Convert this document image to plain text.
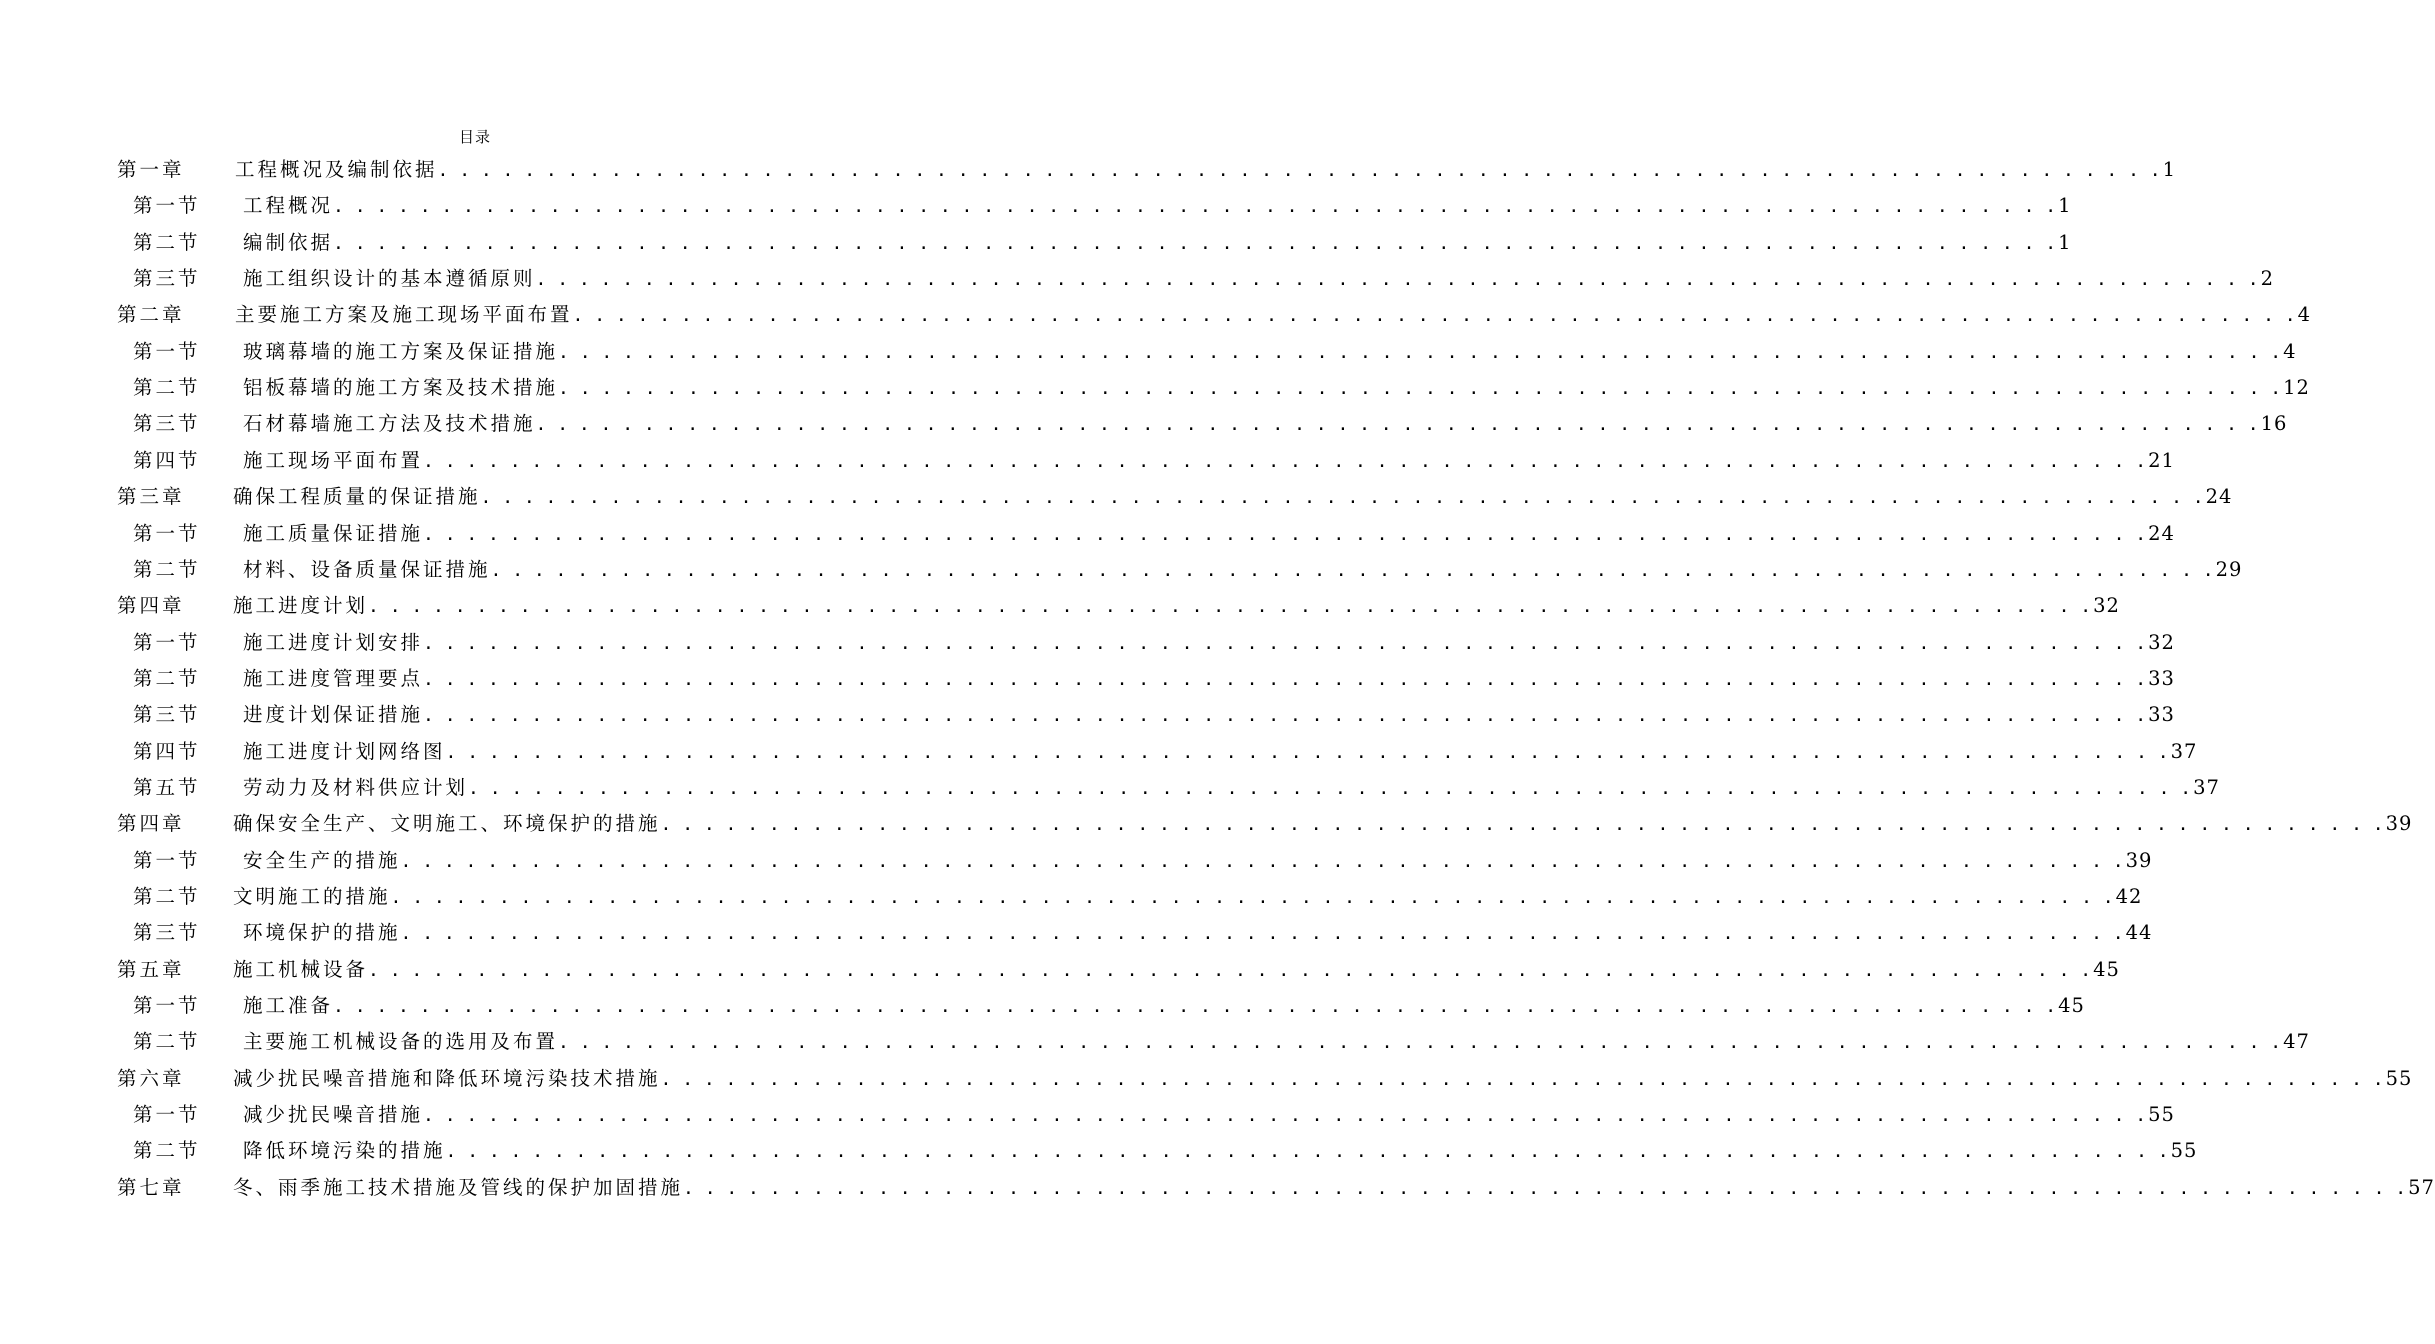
目录
第一章	工程概况及编制依据 . . . . . . . . . . . . . . . . . . . . . . . . . . . . . . . . . . . . . . . . . . . . . . . . . . . . . . . . . . . . . . . . . . . . . . . . . . . . . . . . 1
第一节 工程概况 . . . . . . . . . . . . . . . . . . . . . . . . . . . . . . . . . . . . . . . . . . . . . . . . . . . . . . . . . . . . . . . . . . . . . . . . . . . . . . . . 1
第二节 编制依据 . . . . . . . . . . . . . . . . . . . . . . . . . . . . . . . . . . . . . . . . . . . . . . . . . . . . . . . . . . . . . . . . . . . . . . . . . . . . . . . . 1
第三节 施工组织设计的基本遵循原则 . . . . . . . . . . . . . . . . . . . . . . . . . . . . . . . . . . . . . . . . . . . . . . . . . . . . . . . . . . . . . . . . . . . . . . . . . . . . . . . . 2
第二章	主要施工方案及施工现场平面布置 . . . . . . . . . . . . . . . . . . . . . . . . . . . . . . . . . . . . . . . . . . . . . . . . . . . . . . . . . . . . . . . . . . . . . . . . . . . . . . . . 4
第一节 玻璃幕墙的施工方案及保证措施 . . . . . . . . . . . . . . . . . . . . . . . . . . . . . . . . . . . . . . . . . . . . . . . . . . . . . . . . . . . . . . . . . . . . . . . . . . . . . . . . 4
第二节 铝板幕墙的施工方案及技术措施 . . . . . . . . . . . . . . . . . . . . . . . . . . . . . . . . . . . . . . . . . . . . . . . . . . . . . . . . . . . . . . . . . . . . . . . . . . . . . . . . 12
第三节 石材幕墙施工方法及技术措施 . . . . . . . . . . . . . . . . . . . . . . . . . . . . . . . . . . . . . . . . . . . . . . . . . . . . . . . . . . . . . . . . . . . . . . . . . . . . . . . . 16
第四节 施工现场平面布置 . . . . . . . . . . . . . . . . . . . . . . . . . . . . . . . . . . . . . . . . . . . . . . . . . . . . . . . . . . . . . . . . . . . . . . . . . . . . . . . . 21
第三章 确保工程质量的保证措施 . . . . . . . . . . . . . . . . . . . . . . . . . . . . . . . . . . . . . . . . . . . . . . . . . . . . . . . . . . . . . . . . . . . . . . . . . . . . . . . . 24
第一节 施工质量保证措施 . . . . . . . . . . . . . . . . . . . . . . . . . . . . . . . . . . . . . . . . . . . . . . . . . . . . . . . . . . . . . . . . . . . . . . . . . . . . . . . . 24
第二节 材料、设备质量保证措施 . . . . . . . . . . . . . . . . . . . . . . . . . . . . . . . . . . . . . . . . . . . . . . . . . . . . . . . . . . . . . . . . . . . . . . . . . . . . . . . . 29
第四章 施工进度计划 . . . . . . . . . . . . . . . . . . . . . . . . . . . . . . . . . . . . . . . . . . . . . . . . . . . . . . . . . . . . . . . . . . . . . . . . . . . . . . . . 32
第一节 施工进度计划安排 . . . . . . . . . . . . . . . . . . . . . . . . . . . . . . . . . . . . . . . . . . . . . . . . . . . . . . . . . . . . . . . . . . . . . . . . . . . . . . . . 32
第二节 施工进度管理要点 . . . . . . . . . . . . . . . . . . . . . . . . . . . . . . . . . . . . . . . . . . . . . . . . . . . . . . . . . . . . . . . . . . . . . . . . . . . . . . . . 33
第三节 进度计划保证措施 . . . . . . . . . . . . . . . . . . . . . . . . . . . . . . . . . . . . . . . . . . . . . . . . . . . . . . . . . . . . . . . . . . . . . . . . . . . . . . . . 33
第四节 施工进度计划网络图 . . . . . . . . . . . . . . . . . . . . . . . . . . . . . . . . . . . . . . . . . . . . . . . . . . . . . . . . . . . . . . . . . . . . . . . . . . . . . . . . 37
第五节 劳动力及材料供应计划 . . . . . . . . . . . . . . . . . . . . . . . . . . . . . . . . . . . . . . . . . . . . . . . . . . . . . . . . . . . . . . . . . . . . . . . . . . . . . . . . 37
第四章 确保安全生产、文明施工、环境保护的措施 . . . . . . . . . . . . . . . . . . . . . . . . . . . . . . . . . . . . . . . . . . . . . . . . . . . . . . . . . . . . . . . . . . . . . . . . . . . . . . . . 39
第一节 安全生产的措施 . . . . . . . . . . . . . . . . . . . . . . . . . . . . . . . . . . . . . . . . . . . . . . . . . . . . . . . . . . . . . . . . . . . . . . . . . . . . . . . . 39
第二节 文明施工的措施 . . . . . . . . . . . . . . . . . . . . . . . . . . . . . . . . . . . . . . . . . . . . . . . . . . . . . . . . . . . . . . . . . . . . . . . . . . . . . . . . 42
第三节 环境保护的措施 . . . . . . . . . . . . . . . . . . . . . . . . . . . . . . . . . . . . . . . . . . . . . . . . . . . . . . . . . . . . . . . . . . . . . . . . . . . . . . . . 44
第五章 施工机械设备 . . . . . . . . . . . . . . . . . . . . . . . . . . . . . . . . . . . . . . . . . . . . . . . . . . . . . . . . . . . . . . . . . . . . . . . . . . . . . . . . 45
第一节 施工准备 . . . . . . . . . . . . . . . . . . . . . . . . . . . . . . . . . . . . . . . . . . . . . . . . . . . . . . . . . . . . . . . . . . . . . . . . . . . . . . . . 45
第二节 主要施工机械设备的选用及布置 . . . . . . . . . . . . . . . . . . . . . . . . . . . . . . . . . . . . . . . . . . . . . . . . . . . . . . . . . . . . . . . . . . . . . . . . . . . . . . . . 47
第六章 减少扰民噪音措施和降低环境污染技术措施 . . . . . . . . . . . . . . . . . . . . . . . . . . . . . . . . . . . . . . . . . . . . . . . . . . . . . . . . . . . . . . . . . . . . . . . . . . . . . . . . 55
第一节 减少扰民噪音措施 . . . . . . . . . . . . . . . . . . . . . . . . . . . . . . . . . . . . . . . . . . . . . . . . . . . . . . . . . . . . . . . . . . . . . . . . . . . . . . . . 55
第二节 降低环境污染的措施 . . . . . . . . . . . . . . . . . . . . . . . . . . . . . . . . . . . . . . . . . . . . . . . . . . . . . . . . . . . . . . . . . . . . . . . . . . . . . . . . 55
第七章 冬、雨季施工技术措施及管线的保护加固措施 . . . . . . . . . . . . . . . . . . . . . . . . . . . . . . . . . . . . . . . . . . . . . . . . . . . . . . . . . . . . . . . . . . . . . . . . . . . . . . . . 57
